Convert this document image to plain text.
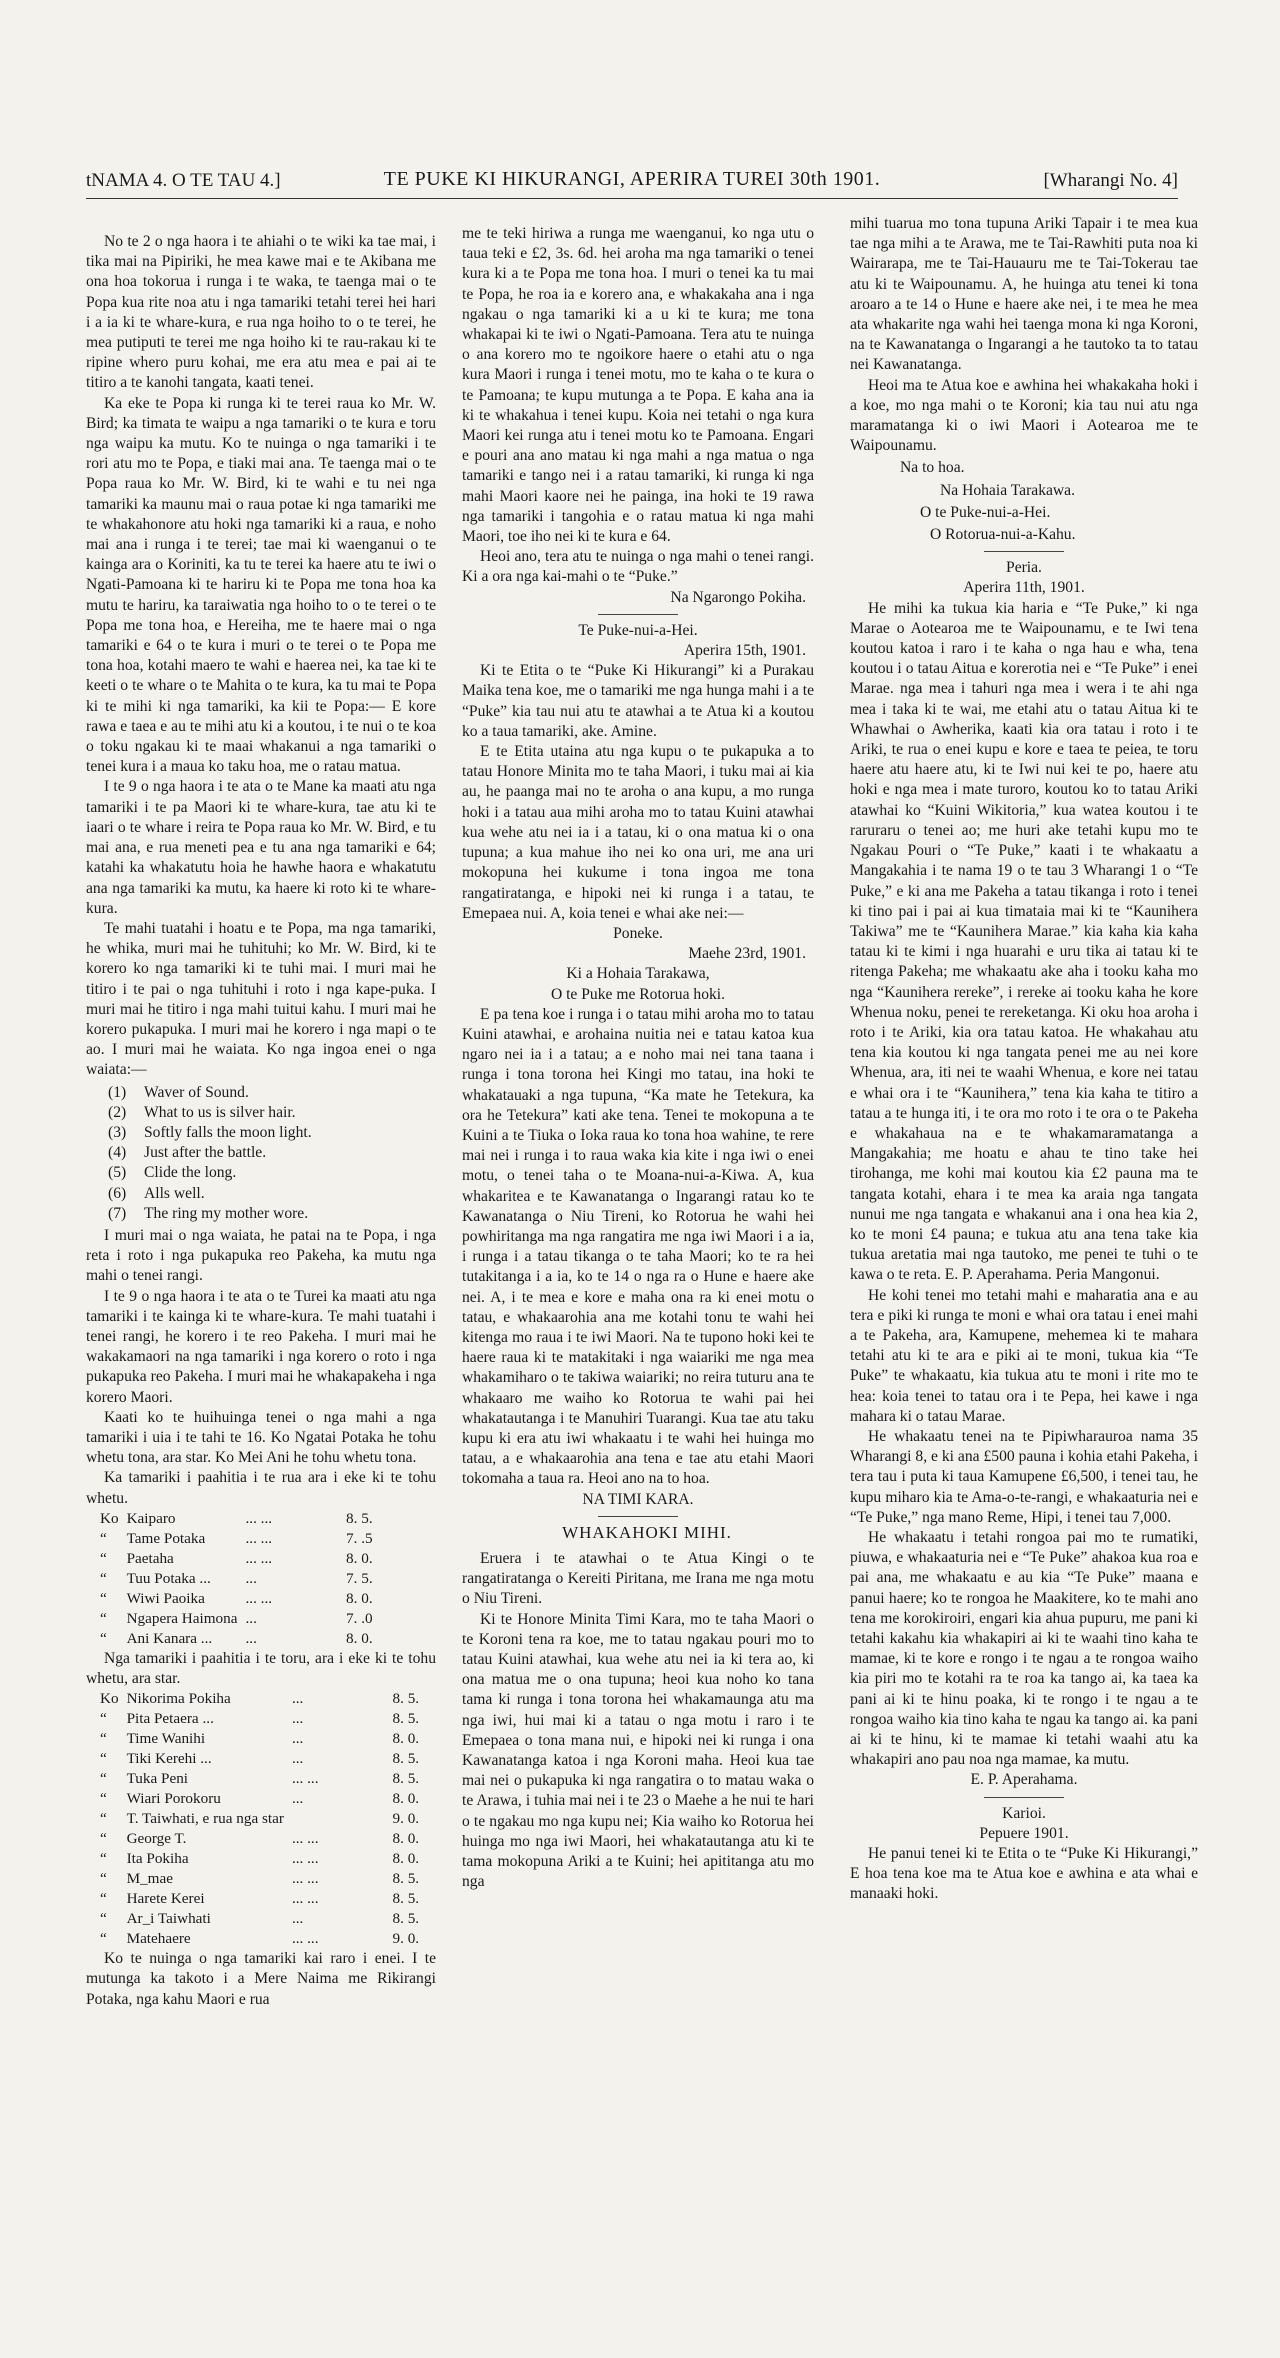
tNAMA 4. O TE TAU 4.]	TE PUKE KI HIKURANGI, APERIRA TUREI 30th 1901.	[Wharangi No. 4]

No te 2 o nga haora i te ahiahi o te wiki ka tae mai, i tika mai na Pipiriki, he mea kawe mai e te Akibana me ona hoa tokorua i runga i te waka, te taenga mai o te Popa kua rite noa atu i nga tamariki tetahi terei hei hari i a ia ki te whare-kura, e rua nga hoiho to o te terei, he mea putiputi te terei me nga hoiho ki te rau-rakau ki te ripine whero puru kohai, me era atu mea e pai ai te titiro a te kanohi tangata, kaati tenei.

Ka eke te Popa ki runga ki te terei raua ko Mr. W. Bird; ka timata te waipu a nga tamariki o te kura e toru nga waipu ka mutu. Ko te nuinga o nga tamariki i te rori atu mo te Popa, e tiaki mai ana. Te taenga mai o te Popa raua ko Mr. W. Bird, ki te wahi e tu nei nga tamariki ka maunu mai o raua potae ki nga tamariki me te whakahonore atu hoki nga tamariki ki a raua, e noho mai ana i runga i te terei; tae mai ki waenganui o te kainga ara o Koriniti, ka tu te terei ka haere atu te iwi o Ngati-Pamoana ki te hariru ki te Popa me tona hoa ka mutu te hariru, ka taraiwatia nga hoiho to o te terei o te Popa me tona hoa, e Hereiha, me te haere mai o nga tamariki e 64 o te kura i muri o te terei o te Popa me tona hoa, kotahi maero te wahi e haerea nei, ka tae ki te keeti o te whare o te Mahita o te kura, ka tu mai te Popa ki te mihi ki nga tamariki, ka kii te Popa:— E kore rawa e taea e au te mihi atu ki a koutou, i te nui o te koa o toku ngakau ki te maai whakanui a nga tamariki o tenei kura i a maua ko taku hoa, me o ratau matua.

I te 9 o nga haora i te ata o te Mane ka maati atu nga tamariki i te pa Maori ki te whare-kura, tae atu ki te iaari o te whare i reira te Popa raua ko Mr. W. Bird, e tu mai ana, e rua meneti pea e tu ana nga tamariki e 64; katahi ka whakatutu hoia he hawhe haora e whakatutu ana nga tamariki ka mutu, ka haere ki roto ki te whare-kura.

Te mahi tuatahi i hoatu e te Popa, ma nga tamariki, he whika, muri mai he tuhituhi; ko Mr. W. Bird, ki te korero ko nga tamariki ki te tuhi mai. I muri mai he titiro i te pai o nga tuhituhi i roto i nga kape-puka. I muri mai he titiro i nga mahi tuitui kahu. I muri mai he korero pukapuka. I muri mai he korero i nga mapi o te ao. I muri mai he waiata. Ko nga ingoa enei o nga waiata:—

(1)	Waver of Sound.
(2)	What to us is silver hair.
(3)	Softly falls the moon light.
(4)	Just after the battle.
(5)	Clide the long.
(6)	Alls well.
(7)	The ring my mother wore.

I muri mai o nga waiata, he patai na te Popa, i nga reta i roto i nga pukapuka reo Pakeha, ka mutu nga mahi o tenei rangi.

I te 9 o nga haora i te ata o te Turei ka maati atu nga tamariki i te kainga ki te whare-kura. Te mahi tuatahi i tenei rangi, he korero i te reo Pakeha. I muri mai he wakakamaori na nga tamariki i nga korero o roto i nga pukapuka reo Pakeha. I muri mai he whakapakeha i nga korero Maori.

Kaati ko te huihuinga tenei o nga mahi a nga tamariki i uia i te tahi te 16. Ko Ngatai Potaka he tohu whetu tona, ara star. Ko Mei Ani he tohu whetu tona.

Ka tamariki i paahitia i te rua ara i eke ki te tohu whetu.

Ko	Kaiparo	... ...	8. 5.
“	Tame Potaka	... ...	7. .5
“	Paetaha	... ...	8. 0.
“	Tuu Potaka ...	...	7. 5.
“	Wiwi Paoika	... ...	8. 0.
“	Ngapera Haimona	...	7. .0
“	Ani Kanara ...	...	8. 0.

Nga tamariki i paahitia i te toru, ara i eke ki te tohu whetu, ara star.

Ko	Nikorima Pokiha	...	8. 5.
“	Pita Petaera ...	...	8. 5.
“	Time Wanihi	...	8. 0.
“	Tiki Kerehi ...	...	8. 5.
“	Tuka Peni	... ...	8. 5.
“	Wiari Porokoru	...	8. 0.
“	T. Taiwhati, e rua nga star		9. 0.
“	George T.	... ...	8. 0.
“	Ita Pokiha	... ...	8. 0.
“	M_mae	... ...	8. 5.
“	Harete Kerei	... ...	8. 5.
“	Ar_i Taiwhati	...	8. 5.
“	Matehaere	... ...	9. 0.

Ko te nuinga o nga tamariki kai raro i enei. I te mutunga ka takoto i a Mere Naima me Rikirangi Potaka, nga kahu Maori e rua

me te teki hiriwa a runga me waenganui, ko nga utu o taua teki e £2, 3s. 6d. hei aroha ma nga tamariki o tenei kura ki a te Popa me tona hoa. I muri o tenei ka tu mai te Popa, he roa ia e korero ana, e whakakaha ana i nga ngakau o nga tamariki ki a u ki te kura; me tona whakapai ki te iwi o Ngati-Pamoana. Tera atu te nuinga o ana korero mo te ngoikore haere o etahi atu o nga kura Maori i runga i tenei motu, mo te kaha o te kura o te Pamoana; te kupu mutunga a te Popa. E kaha ana ia ki te whakahua i tenei kupu. Koia nei tetahi o nga kura Maori kei runga atu i tenei motu ko te Pamoana. Engari e pouri ana ano matau ki nga mahi a nga matua o nga tamariki e tango nei i a ratau tamariki, ki runga ki nga mahi Maori kaore nei he painga, ina hoki te 19 rawa nga tamariki i tangohia e o ratau matua ki nga mahi Maori, toe iho nei ki te kura e 64.

Heoi ano, tera atu te nuinga o nga mahi o tenei rangi. Ki a ora nga kai-mahi o te “Puke.”

Na Ngarongo Pokiha.

Te Puke-nui-a-Hei.

Aperira 15th, 1901.

Ki te Etita o te “Puke Ki Hikurangi” ki a Purakau Maika tena koe, me o tamariki me nga hunga mahi i a te “Puke” kia tau nui atu te atawhai a te Atua ki a koutou ko a taua tamariki, ake. Amine.

E te Etita utaina atu nga kupu o te pukapuka a to tatau Honore Minita mo te taha Maori, i tuku mai ai kia au, he paanga mai no te aroha o ana kupu, a mo runga hoki i a tatau aua mihi aroha mo to tatau Kuini atawhai kua wehe atu nei ia i a tatau, ki o ona matua ki o ona tupuna; a kua mahue iho nei ko ona uri, me ana uri mokopuna hei kukume i tona ingoa me tona rangatiratanga, e hipoki nei ki runga i a tatau, te Emepaea nui. A, koia tenei e whai ake nei:—

Poneke.

Maehe 23rd, 1901.

Ki a Hohaia Tarakawa,

O te Puke me Rotorua hoki.

E pa tena koe i runga i o tatau mihi aroha mo to tatau Kuini atawhai, e arohaina nuitia nei e tatau katoa kua ngaro nei ia i a tatau; a e noho mai nei tana taana i runga i tona torona hei Kingi mo tatau, ina hoki te whakatauaki a nga tupuna, “Ka mate he Tetekura, ka ora he Tetekura” kati ake tena. Tenei te mokopuna a te Kuini a te Tiuka o Ioka raua ko tona hoa wahine, te rere mai nei i runga i to raua waka kia kite i nga iwi o enei motu, o tenei taha o te Moana-nui-a-Kiwa. A, kua whakaritea e te Kawanatanga o Ingarangi ratau ko te Kawanatanga o Niu Tireni, ko Rotorua he wahi hei powhiritanga ma nga rangatira me nga iwi Maori i a ia, i runga i a tatau tikanga o te taha Maori; ko te ra hei tutakitanga i a ia, ko te 14 o nga ra o Hune e haere ake nei. A, i te mea e kore e maha ona ra ki enei motu o tatau, e whakaarohia ana me kotahi tonu te wahi hei kitenga mo raua i te iwi Maori. Na te tupono hoki kei te haere raua ki te matakitaki i nga waiariki me nga mea whakamiharo o te takiwa waiariki; no reira tuturu ana te whakaaro me waiho ko Rotorua te wahi pai hei whakatautanga i te Manuhiri Tuarangi. Kua tae atu taku kupu ki era atu iwi whakaatu i te wahi hei huinga mo tatau, a e whakaarohia ana tena e tae atu etahi Maori tokomaha a taua ra. Heoi ano na to hoa.

NA TIMI KARA.

WHAKAHOKI MIHI.

Eruera i te atawhai o te Atua Kingi o te rangatiratanga o Kereiti Piritana, me Irana me nga motu o Niu Tireni.

Ki te Honore Minita Timi Kara, mo te taha Maori o te Koroni tena ra koe, me to tatau ngakau pouri mo to tatau Kuini atawhai, kua wehe atu nei ia ki tera ao, ki ona matua me o ona tupuna; heoi kua noho ko tana tama ki runga i tona torona hei whakamaunga atu ma nga iwi, hui mai ki a tatau o nga motu i raro i te Emepaea o tona mana nui, e hipoki nei ki runga i ona Kawanatanga katoa i nga Koroni maha. Heoi kua tae mai nei o pukapuka ki nga rangatira o to matau waka o te Arawa, i tuhia mai nei i te 23 o Maehe a he nui te hari o te ngakau mo nga kupu nei; Kia waiho ko Rotorua hei huinga mo nga iwi Maori, hei whakatautanga atu ki te tama mokopuna Ariki a te Kuini; hei apititanga atu mo nga

mihi tuarua mo tona tupuna Ariki Tapair i te mea kua tae nga mihi a te Arawa, me te Tai-Rawhiti puta noa ki Wairarapa, me te Tai-Hauauru me te Tai-Tokerau tae atu ki te Waipounamu. A, he huinga atu tenei ki tona aroaro a te 14 o Hune e haere ake nei, i te mea he mea ata whakarite nga wahi hei taenga mona ki nga Koroni, na te Kawanatanga o Ingarangi a he tautoko ta to tatau nei Kawanatanga.

Heoi ma te Atua koe e awhina hei whakakaha hoki i a koe, mo nga mahi o te Koroni; kia tau nui atu nga maramatanga ki o iwi Maori i Aotearoa me te Waipounamu.

Na to hoa.

Na Hohaia Tarakawa.

O te Puke-nui-a-Hei.

O Rotorua-nui-a-Kahu.

Peria.

Aperira 11th, 1901.

He mihi ka tukua kia haria e “Te Puke,” ki nga Marae o Aotearoa me te Waipounamu, e te Iwi tena koutou katoa i raro i te kaha o nga hau e wha, tena koutou i o tatau Aitua e korerotia nei e “Te Puke” i enei Marae. nga mea i tahuri nga mea i wera i te ahi nga mea i taka ki te wai, me etahi atu o tatau Aitua ki te Whawhai o Awherika, kaati kia ora tatau i roto i te Ariki, te rua o enei kupu e kore e taea te peiea, te toru haere atu haere atu, ki te Iwi nui kei te po, haere atu hoki e nga mea i mate turoro, koutou ko to tatau Ariki atawhai ko “Kuini Wikitoria,” kua watea koutou i te raruraru o tenei ao; me huri ake tetahi kupu mo te Ngakau Pouri o “Te Puke,” kaati i te whakaatu a Mangakahia i te nama 19 o te tau 3 Wharangi 1 o “Te Puke,” e ki ana me Pakeha a tatau tikanga i roto i tenei ki tino pai i pai ai kua timataia mai ki te “Kaunihera Takiwa” me te “Kaunihera Marae.” kia kaha kia kaha tatau ki te kimi i nga huarahi e uru tika ai tatau ki te ritenga Pakeha; me whakaatu ake aha i tooku kaha mo nga “Kaunihera rereke”, i rereke ai tooku kaha he kore Whenua noku, penei te rereketanga. Ki oku hoa aroha i roto i te Ariki, kia ora tatau katoa. He whakahau atu tena kia koutou ki nga tangata penei me au nei kore Whenua, ara, iti nei te waahi Whenua, e kore nei tatau e whai ora i te “Kaunihera,” tena kia kaha te titiro a tatau a te hunga iti, i te ora mo roto i te ora o te Pakeha e whakahaua na e te whakamaramatanga a Mangakahia; me hoatu e ahau te tino take hei tirohanga, me kohi mai koutou kia £2 pauna ma te tangata kotahi, ehara i te mea ka araia nga tangata nunui me nga tangata e whakanui ana i ona hea kia 2, ko te moni £4 pauna; e tukua atu ana tena take kia tukua aretatia mai nga tautoko, me penei te tuhi o te kawa o te reta. E. P. Aperahama. Peria Mangonui.

He kohi tenei mo tetahi mahi e maharatia ana e au tera e piki ki runga te moni e whai ora tatau i enei mahi a te Pakeha, ara, Kamupene, mehemea ki te mahara tetahi atu ki te ara e piki ai te moni, tukua kia “Te Puke” te whakaatu, kia tukua atu te moni i rite mo te hea: koia tenei to tatau ora i te Pepa, hei kawe i nga mahara ki o tatau Marae.

He whakaatu tenei na te Pipiwharauroa nama 35 Wharangi 8, e ki ana £500 pauna i kohia etahi Pakeha, i tera tau i puta ki taua Kamupene £6,500, i tenei tau, he kupu miharo kia te Ama-o-te-rangi, e whakaaturia nei e “Te Puke,” nga mano Reme, Hipi, i tenei tau 7,000.

He whakaatu i tetahi rongoa pai mo te rumatiki, piuwa, e whakaaturia nei e “Te Puke” ahakoa kua roa e pai ana, me whakaatu e au kia “Te Puke” maana e panui haere; ko te rongoa he Maakitere, ko te mahi ano tena me korokiroiri, engari kia ahua pupuru, me pani ki tetahi kakahu kia whakapiri ai ki te waahi tino kaha te mamae, ki te kore e rongo i te ngau a te rongoa waiho kia piri mo te kotahi ra te roa ka tango ai, ka taea ka pani ai ki te hinu poaka, ki te rongo i te ngau a te rongoa waiho kia tino kaha te ngau ka tango ai. ka pani ai ki te hinu, ki te mamae ki tetahi waahi atu ka whakapiri ano pau noa nga mamae, ka mutu.

E. P. Aperahama.

Karioi.

Pepuere 1901.

He panui tenei ki te Etita o te “Puke Ki Hikurangi,” E hoa tena koe ma te Atua koe e awhina e ata whai e manaaki hoki.
